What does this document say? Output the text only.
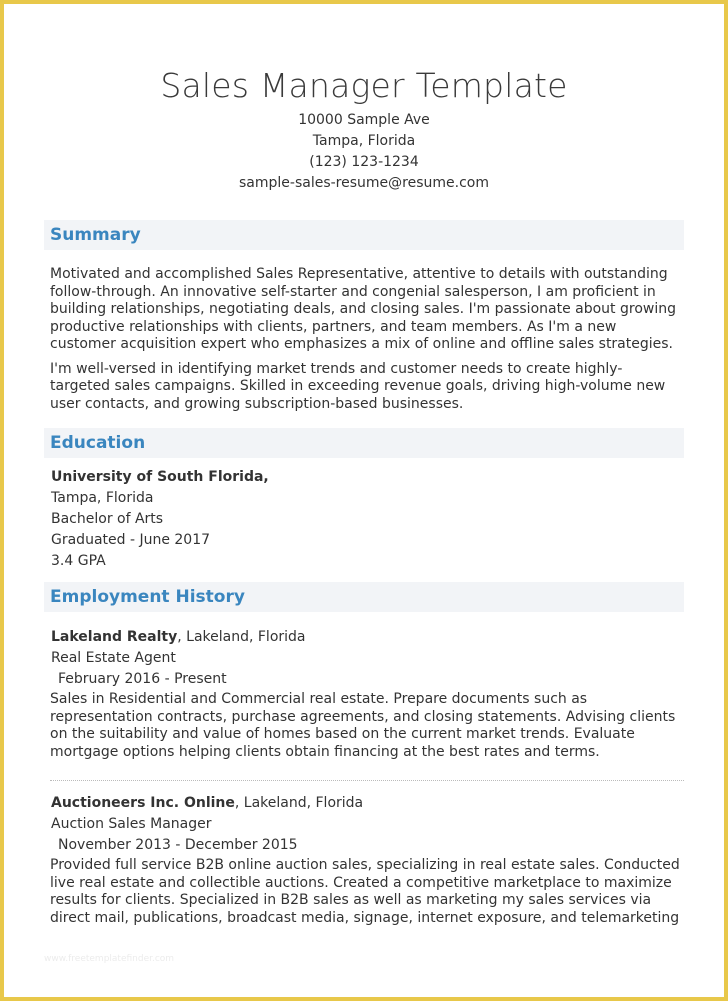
Sales Manager Template
10000 Sample Ave
Tampa, Florida
(123) 123-1234
sample-sales-resume@resume.com
Summary
Motivated and accomplished Sales Representative, attentive to details with outstanding follow-through. An innovative self-starter and congenial salesperson, I am proficient in building relationships, negotiating deals, and closing sales. I'm passionate about growing productive relationships with clients, partners, and team members. As I'm a new customer acquisition expert who emphasizes a mix of online and offline sales strategies.
I'm well-versed in identifying market trends and customer needs to create highly-targeted sales campaigns. Skilled in exceeding revenue goals, driving high-volume new user contacts, and growing subscription-based businesses.
Education
University of South Florida,
Tampa, Florida
Bachelor of Arts
Graduated - June 2017
3.4 GPA
Employment History
Lakeland Realty, Lakeland, Florida
Real Estate Agent
February 2016 - Present
Sales in Residential and Commercial real estate. Prepare documents such as representation contracts, purchase agreements, and closing statements. Advising clients on the suitability and value of homes based on the current market trends. Evaluate mortgage options helping clients obtain financing at the best rates and terms.
Auctioneers Inc. Online, Lakeland, Florida
Auction Sales Manager
November 2013 - December 2015
Provided full service B2B online auction sales, specializing in real estate sales. Conducted live real estate and collectible auctions. Created a competitive marketplace to maximize results for clients. Specialized in B2B sales as well as marketing my sales services via direct mail, publications, broadcast media, signage, internet exposure, and telemarketing
www.freetemplatefinder.com
